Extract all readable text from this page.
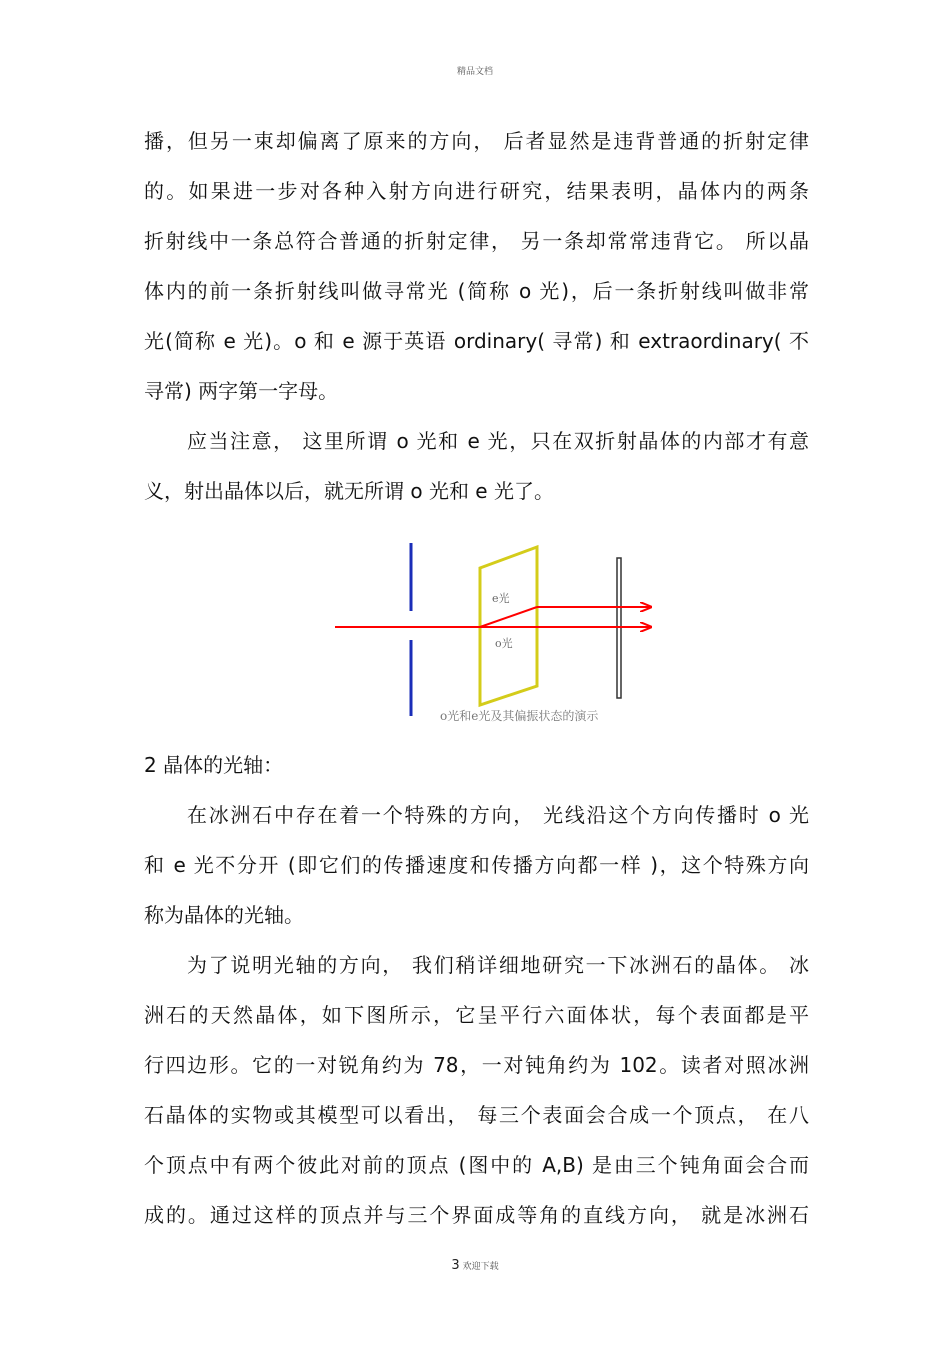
精品文档
播，但另一束却偏离了原来的方向， 后者显然是违背普通的折射定律
的。如果进一步对各种入射方向进行研究，结果表明，晶体内的两条
折射线中一条总符合普通的折射定律， 另一条却常常违背它。 所以晶
体内的前一条折射线叫做寻常光 (简称 o 光)，后一条折射线叫做非常
光(简称 e 光)。o 和 e 源于英语 ordinary( 寻常) 和 extraordinary( 不
寻常) 两字第一字母。
应当注意， 这里所谓 o 光和 e 光，只在双折射晶体的内部才有意
义，射出晶体以后，就无所谓 o 光和 e 光了。
e光
o光
o光和e光及其偏振状态的演示
2 晶体的光轴：
在冰洲石中存在着一个特殊的方向， 光线沿这个方向传播时 o 光
和 e 光不分开 (即它们的传播速度和传播方向都一样 )，这个特殊方向
称为晶体的光轴。
为了说明光轴的方向， 我们稍详细地研究一下冰洲石的晶体。 冰
洲石的天然晶体，如下图所示，它呈平行六面体状，每个表面都是平
行四边形。它的一对锐角约为 78，一对钝角约为 102。读者对照冰洲
石晶体的实物或其模型可以看出， 每三个表面会合成一个顶点， 在八
个顶点中有两个彼此对前的顶点 (图中的 A,B) 是由三个钝角面会合而
成的。通过这样的顶点并与三个界面成等角的直线方向， 就是冰洲石
3 欢迎下载
